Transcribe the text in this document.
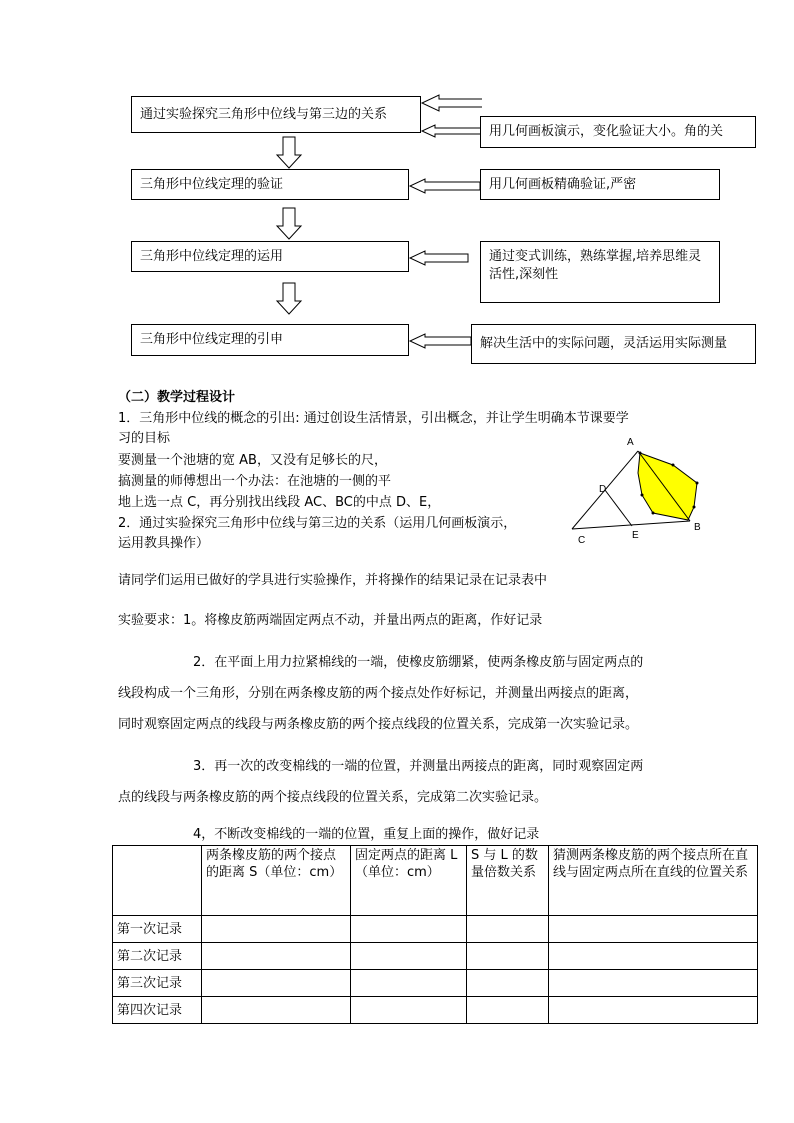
通过实验探究三角形中位线与第三边的关系
三角形中位线定理的验证
三角形中位线定理的运用
三角形中位线定理的引申
用几何画板演示，变化验证大小。角的关
用几何画板精确验证,严密
通过变式训练，熟练掌握,培养思维灵活性,深刻性
解决生活中的实际问题，灵活运用实际测量
（二）教学过程设计
1．三角形中位线的概念的引出: 通过创设生活情景，引出概念，并让学生明确本节课要学
习的目标
要测量一个池塘的宽 AB，又没有足够长的尺，
搞测量的师傅想出一个办法：在池塘的一侧的平
地上选一点 C，再分别找出线段 AC、BC的中点 D、E，
2．通过实验探究三角形中位线与第三边的关系（运用几何画板演示，
运用教具操作）
请同学们运用已做好的学具进行实验操作，并将操作的结果记录在记录表中
实验要求：1。将橡皮筋两端固定两点不动，并量出两点的距离，作好记录
2．在平面上用力拉紧棉线的一端，使橡皮筋绷紧，使两条橡皮筋与固定两点的
线段构成一个三角形，分别在两条橡皮筋的两个接点处作好标记，并测量出两接点的距离，
同时观察固定两点的线段与两条橡皮筋的两个接点线段的位置关系，完成第一次实验记录。
3．再一次的改变棉线的一端的位置，并测量出两接点的距离，同时观察固定两
点的线段与两条橡皮筋的两个接点线段的位置关系，完成第二次实验记录。
4，不断改变棉线的一端的位置，重复上面的操作，做好记录
A
D
B
E
C
	两条橡皮筋的两个接点的距离 S（单位：cm）	固定两点的距离 L（单位：cm）	S 与 L 的数量倍数关系	猜测两条橡皮筋的两个接点所在直线与固定两点所在直线的位置关系
第一次记录				
第二次记录				
第三次记录				
第四次记录				
